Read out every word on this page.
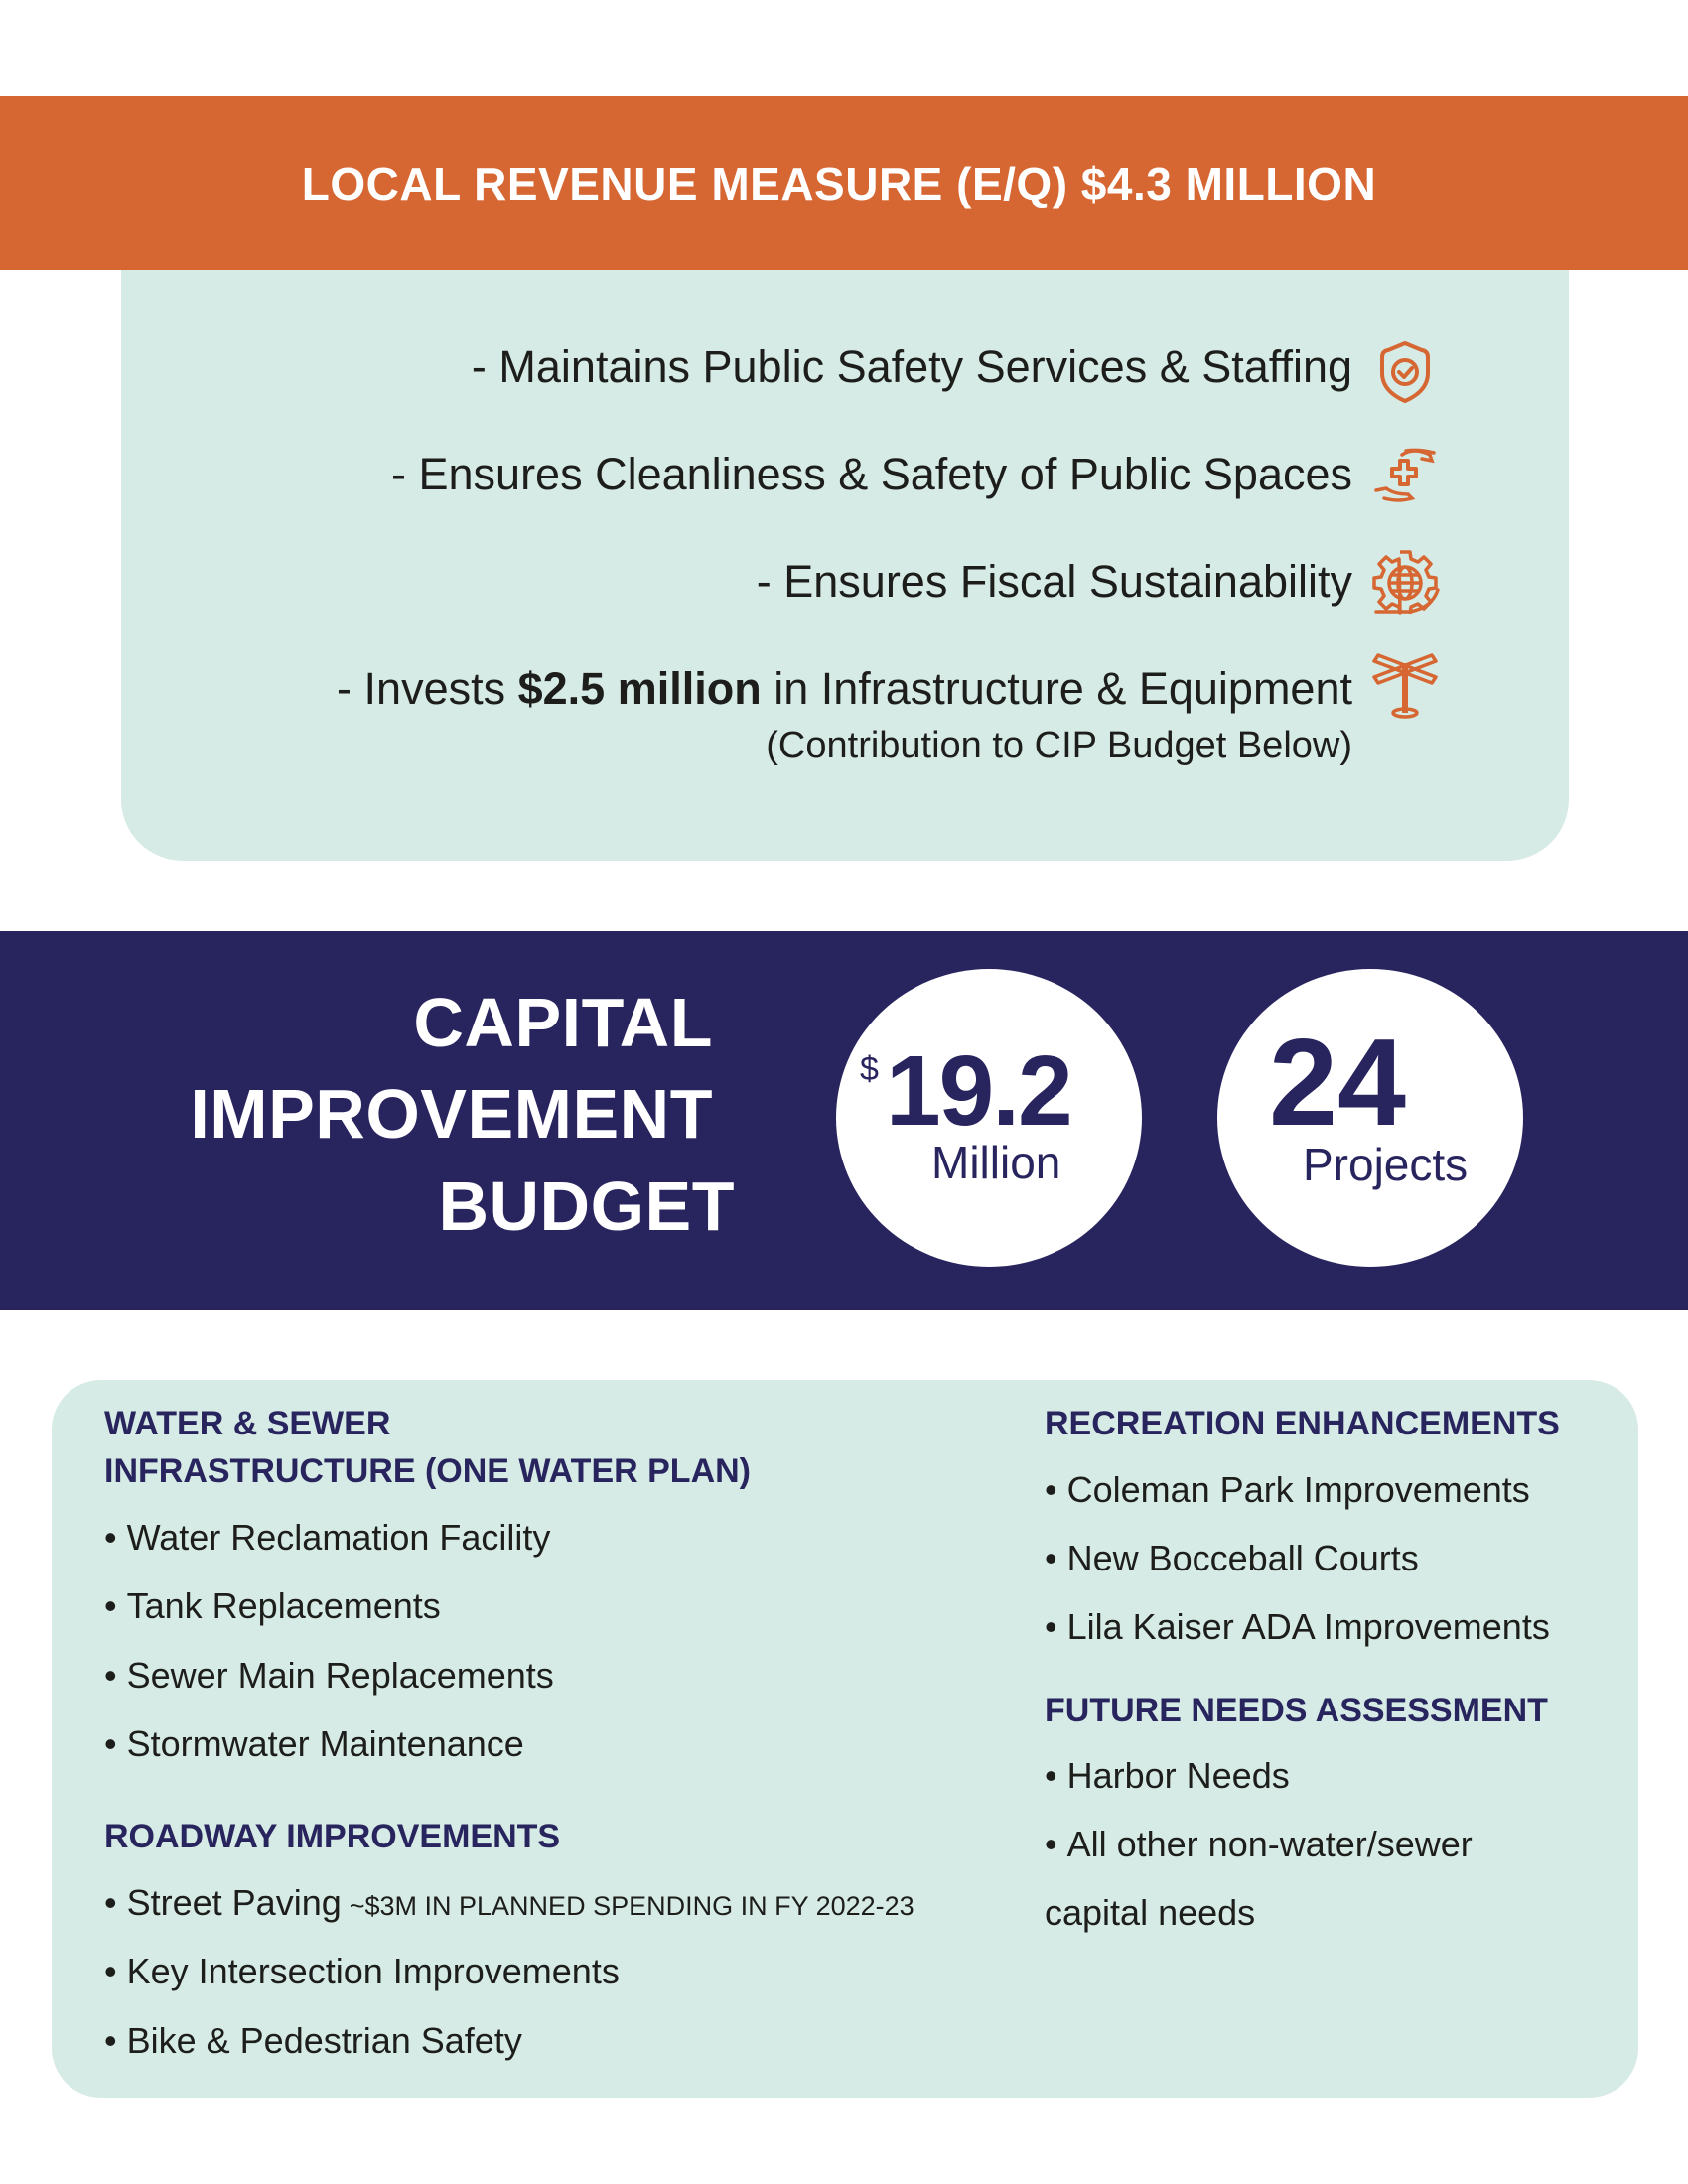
LOCAL REVENUE MEASURE (E/Q) $4.3 MILLION
- Maintains Public Safety Services & Staffing
- Ensures Cleanliness & Safety of Public Spaces
- Ensures Fiscal Sustainability
- Invests $2.5 million in Infrastructure & Equipment
(Contribution to CIP Budget Below)
CAPITAL
IMPROVEMENT
BUDGET
$ 19.2
Million
24
Projects
WATER & SEWER
INFRASTRUCTURE (ONE WATER PLAN)
• Water Reclamation Facility
• Tank Replacements
• Sewer Main Replacements
• Stormwater Maintenance
ROADWAY IMPROVEMENTS
• Street Paving ~$3M IN PLANNED SPENDING IN FY 2022-23
• Key Intersection Improvements
• Bike & Pedestrian Safety
RECREATION ENHANCEMENTS
• Coleman Park Improvements
• New Bocceball Courts
• Lila Kaiser ADA Improvements
FUTURE NEEDS ASSESSMENT
• Harbor Needs
• All other non-water/sewer
capital needs
